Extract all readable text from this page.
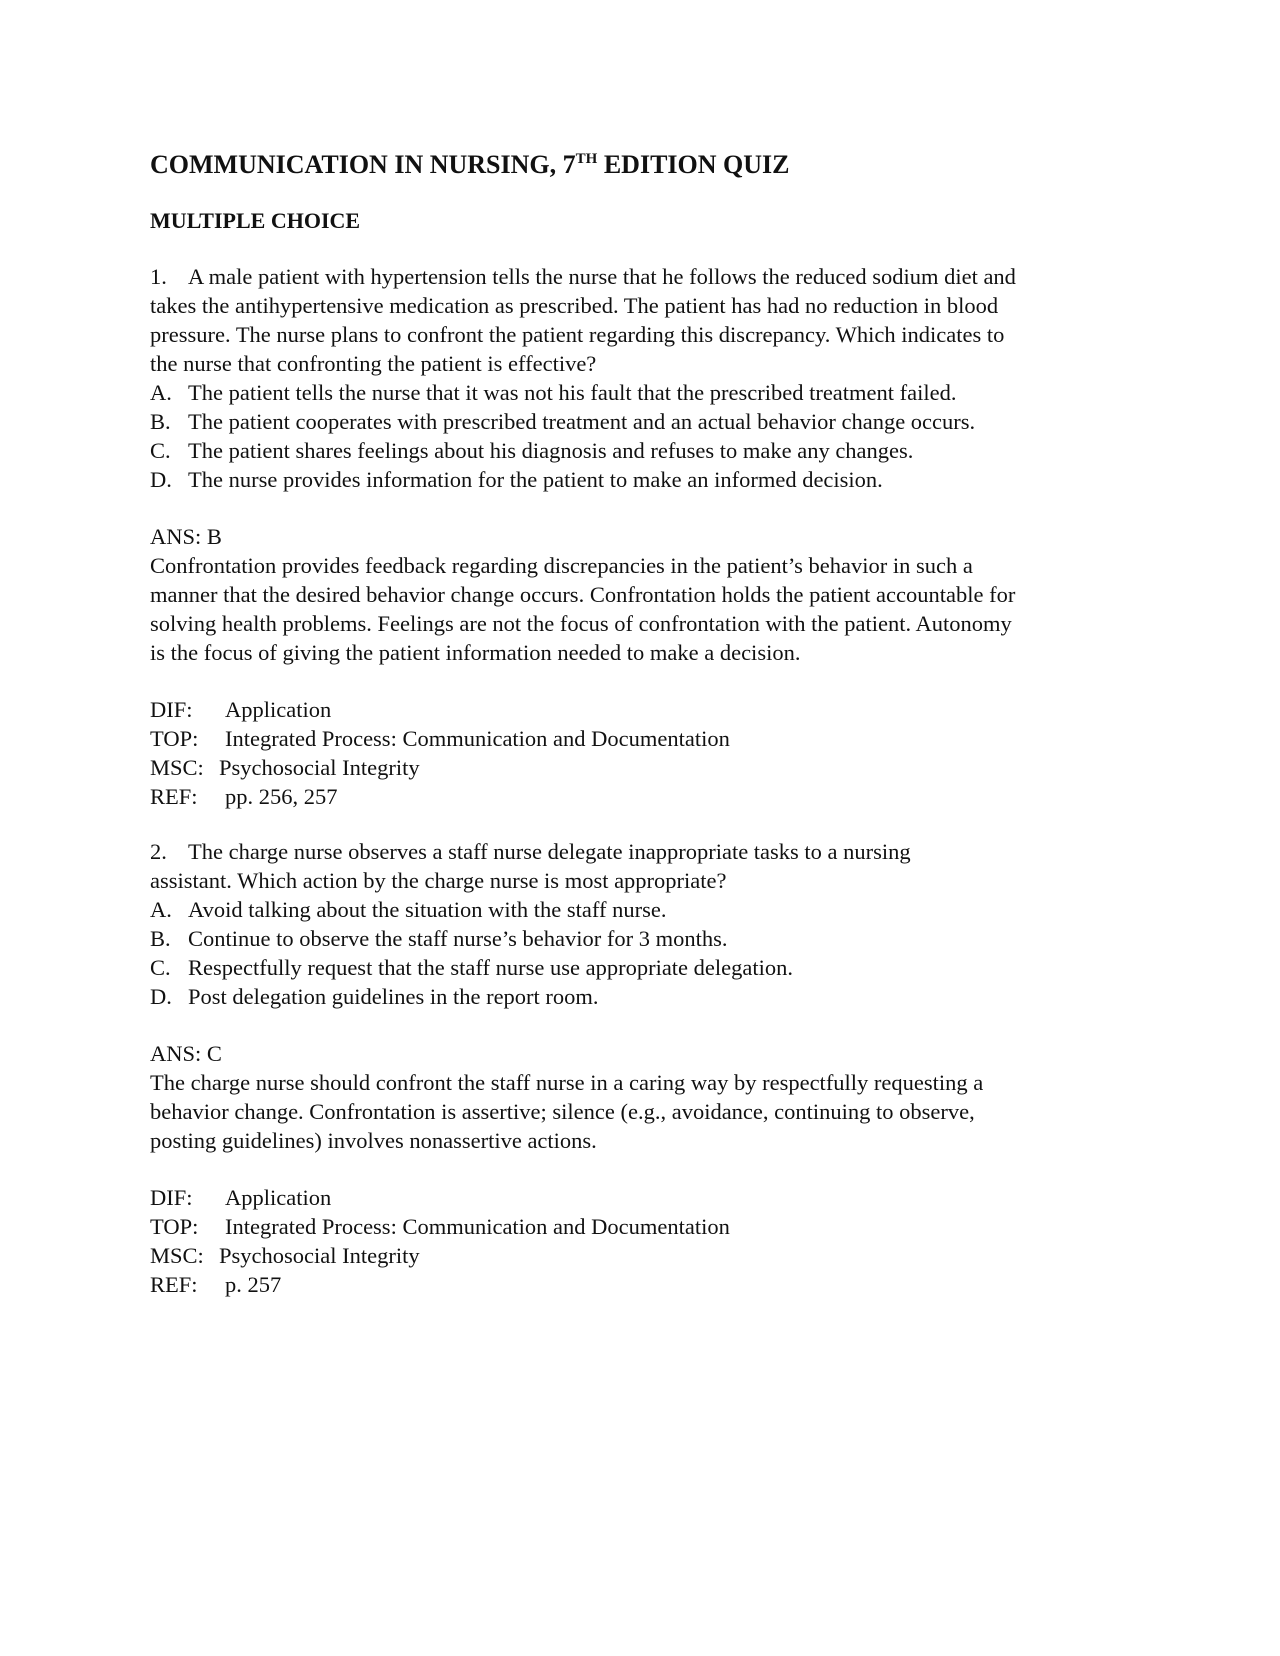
COMMUNICATION IN NURSING, 7TH EDITION QUIZ
MULTIPLE CHOICE
1. A male patient with hypertension tells the nurse that he follows the reduced sodium diet and
takes the antihypertensive medication as prescribed. The patient has had no reduction in blood
pressure. The nurse plans to confront the patient regarding this discrepancy. Which indicates to
the nurse that confronting the patient is effective?
A. The patient tells the nurse that it was not his fault that the prescribed treatment failed.
B. The patient cooperates with prescribed treatment and an actual behavior change occurs.
C. The patient shares feelings about his diagnosis and refuses to make any changes.
D. The nurse provides information for the patient to make an informed decision.
ANS: B
Confrontation provides feedback regarding discrepancies in the patient’s behavior in such a
manner that the desired behavior change occurs. Confrontation holds the patient accountable for
solving health problems. Feelings are not the focus of confrontation with the patient. Autonomy
is the focus of giving the patient information needed to make a decision.
DIF: Application
TOP: Integrated Process: Communication and Documentation
MSC: Psychosocial Integrity
REF: pp. 256, 257
2. The charge nurse observes a staff nurse delegate inappropriate tasks to a nursing
assistant. Which action by the charge nurse is most appropriate?
A. Avoid talking about the situation with the staff nurse.
B. Continue to observe the staff nurse’s behavior for 3 months.
C. Respectfully request that the staff nurse use appropriate delegation.
D. Post delegation guidelines in the report room.
ANS: C
The charge nurse should confront the staff nurse in a caring way by respectfully requesting a
behavior change. Confrontation is assertive; silence (e.g., avoidance, continuing to observe,
posting guidelines) involves nonassertive actions.
DIF: Application
TOP: Integrated Process: Communication and Documentation
MSC: Psychosocial Integrity
REF: p. 257
